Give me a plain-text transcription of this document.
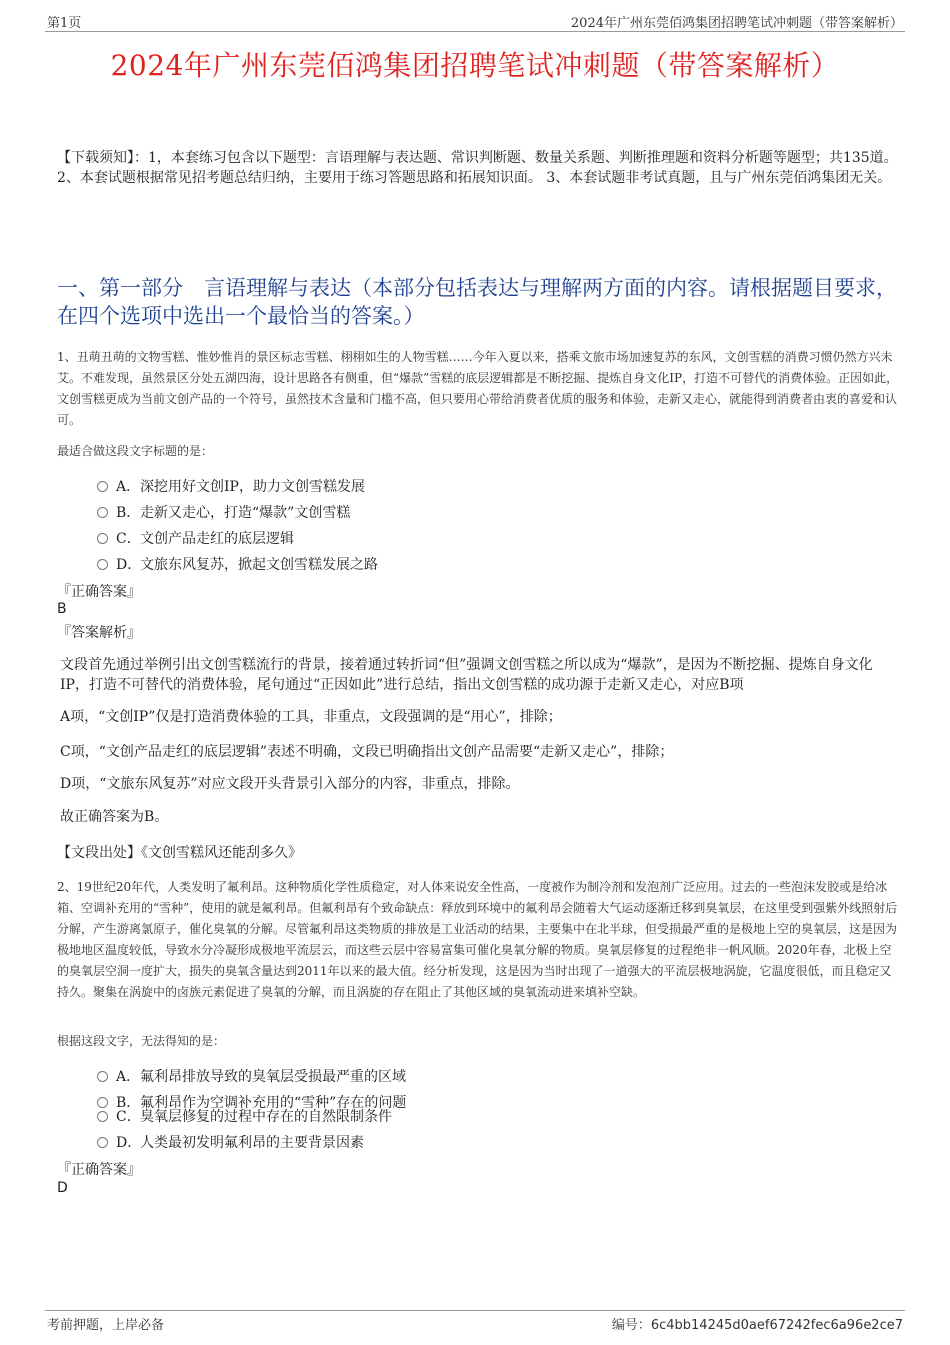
第1页	2024年广州东莞佰鸿集团招聘笔试冲刺题（带答案解析）
2024年广州东莞佰鸿集团招聘笔试冲刺题（带答案解析）
【下载须知】：1，本套练习包含以下题型：言语理解与表达题、常识判断题、数量关系题、判断推理题和资料分析题等题型；共135道。 2、本套试题根据常见招考题总结归纳，主要用于练习答题思路和拓展知识面。 3、本套试题非考试真题，且与广州东莞佰鸿集团无关。
一、第一部分　言语理解与表达（本部分包括表达与理解两方面的内容。请根据题目要求，在四个选项中选出一个最恰当的答案。）
1、丑萌丑萌的文物雪糕、惟妙惟肖的景区标志雪糕、栩栩如生的人物雪糕……今年入夏以来，搭乘文旅市场加速复苏的东风，文创雪糕的消费习惯仍然方兴未艾。不难发现，虽然景区分处五湖四海，设计思路各有侧重，但“爆款”雪糕的底层逻辑都是不断挖掘、提炼自身文化IP，打造不可替代的消费体验。正因如此，文创雪糕更成为当前文创产品的一个符号，虽然技术含量和门槛不高，但只要用心带给消费者优质的服务和体验，走新又走心，就能得到消费者由衷的喜爱和认可。
最适合做这段文字标题的是：
A． 深挖用好文创IP，助力文创雪糕发展
B． 走新又走心，打造“爆款”文创雪糕
C． 文创产品走红的底层逻辑
D．
文旅东风复苏，掀起文创雪糕发展之路
『正确答案』
B
『答案解析』
文段首先通过举例引出文创雪糕流行的背景，接着通过转折词“但”强调文创雪糕之所以成为“爆款”，是因为不断挖掘、提炼自身文化IP，打造不可替代的消费体验，尾句通过“正因如此”进行总结，指出文创雪糕的成功源于走新又走心，对应B项
A项，“文创IP”仅是打造消费体验的工具，非重点，文段强调的是“用心”，排除；
C项，“文创产品走红的底层逻辑”表述不明确，文段已明确指出文创产品需要“走新又走心”，排除；
D项，“文旅东风复苏”对应文段开头背景引入部分的内容，非重点，排除。
故正确答案为B。
【文段出处】《文创雪糕风还能刮多久》
2、19世纪20年代，人类发明了氟利昂。这种物质化学性质稳定，对人体来说安全性高，一度被作为制冷剂和发泡剂广泛应用。过去的一些泡沫发胶或是给冰箱、空调补充用的“雪种”，使用的就是氟利昂。但氟利昂有个致命缺点：释放到环境中的氟利昂会随着大气运动逐渐迁移到臭氧层，在这里受到强紫外线照射后分解，产生游离氯原子，催化臭氧的分解。尽管氟利昂这类物质的排放是工业活动的结果，主要集中在北半球，但受损最严重的是极地上空的臭氧层，这是因为极地地区温度较低，导致水分冷凝形成极地平流层云，而这些云层中容易富集可催化臭氧分解的物质。臭氧层修复的过程绝非一帆风顺。2020年春，北极上空的臭氧层空洞一度扩大，损失的臭氧含量达到2011年以来的最大值。经分析发现，这是因为当时出现了一道强大的平流层极地涡旋，它温度很低，而且稳定又持久。聚集在涡旋中的卤族元素促进了臭氧的分解，而且涡旋的存在阻止了其他区域的臭氧流动进来填补空缺。
根据这段文字，无法得知的是：
A． 氟利昂排放导致的臭氧层受损最严重的区域
B． 氟利昂作为空调补充用的“雪种”存在的问题
C． 臭氧层修复的过程中存在的自然限制条件
D．
人类最初发明氟利昂的主要背景因素
『正确答案』
D
考前押题，上岸必备	编号：6c4bb14245d0aef67242fec6a96e2ce7
